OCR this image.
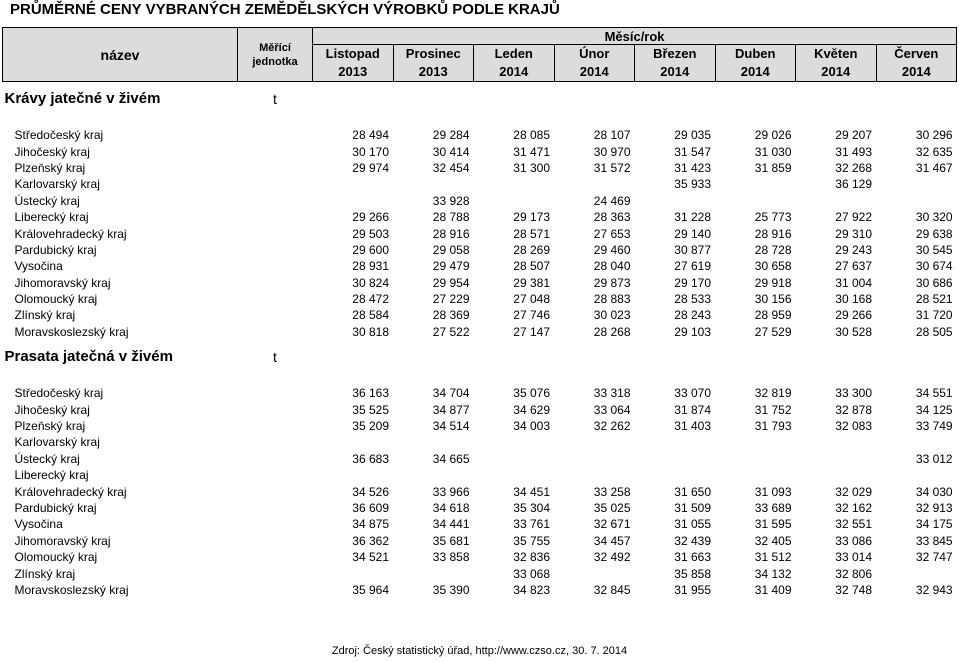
PRŮMĚRNÉ CENY VYBRANÝCH ZEMĚDĚLSKÝCH VÝROBKŮ PODLE KRAJŮ
název	Měřící jednotka	Měsíc/rok							
		Listopad	Prosinec	Leden	Únor	Březen	Duben	Květen	Červen
		2013	2013	2014	2014	2014	2014	2014	2014
Krávy jatečné v živém	t								

Středočeský kraj		28 494	29 284	28 085	28 107	29 035	29 026	29 207	30 296
Jihočeský kraj		30 170	30 414	31 471	30 970	31 547	31 030	31 493	32 635
Plzeňský kraj		29 974	32 454	31 300	31 572	31 423	31 859	32 268	31 467
Karlovarský kraj						35 933		36 129	
Ústecký kraj			33 928		24 469				
Liberecký kraj		29 266	28 788	29 173	28 363	31 228	25 773	27 922	30 320
Královehradecký kraj		29 503	28 916	28 571	27 653	29 140	28 916	29 310	29 638
Pardubický kraj		29 600	29 058	28 269	29 460	30 877	28 728	29 243	30 545
Vysočina		28 931	29 479	28 507	28 040	27 619	30 658	27 637	30 674
Jihomoravský kraj		30 824	29 954	29 381	29 873	29 170	29 918	31 004	30 686
Olomoucký kraj		28 472	27 229	27 048	28 883	28 533	30 156	30 168	28 521
Zlínský kraj		28 584	28 369	27 746	30 023	28 243	28 959	29 266	31 720
Moravskoslezský kraj		30 818	27 522	27 147	28 268	29 103	27 529	30 528	28 505
Prasata jatečná v živém	t								

Středočeský kraj		36 163	34 704	35 076	33 318	33 070	32 819	33 300	34 551
Jihočeský kraj		35 525	34 877	34 629	33 064	31 874	31 752	32 878	34 125
Plzeňský kraj		35 209	34 514	34 003	32 262	31 403	31 793	32 083	33 749
Karlovarský kraj									
Ústecký kraj		36 683	34 665						33 012
Liberecký kraj									
Královehradecký kraj		34 526	33 966	34 451	33 258	31 650	31 093	32 029	34 030
Pardubický kraj		36 609	34 618	35 304	35 025	31 509	33 689	32 162	32 913
Vysočina		34 875	34 441	33 761	32 671	31 055	31 595	32 551	34 175
Jihomoravský kraj		36 362	35 681	35 755	34 457	32 439	32 405	33 086	33 845
Olomoucký kraj		34 521	33 858	32 836	32 492	31 663	31 512	33 014	32 747
Zlínský kraj				33 068		35 858	34 132	32 806	
Moravskoslezský kraj		35 964	35 390	34 823	32 845	31 955	31 409	32 748	32 943
Zdroj: Český statistický úřad, http://www.czso.cz, 30. 7. 2014
